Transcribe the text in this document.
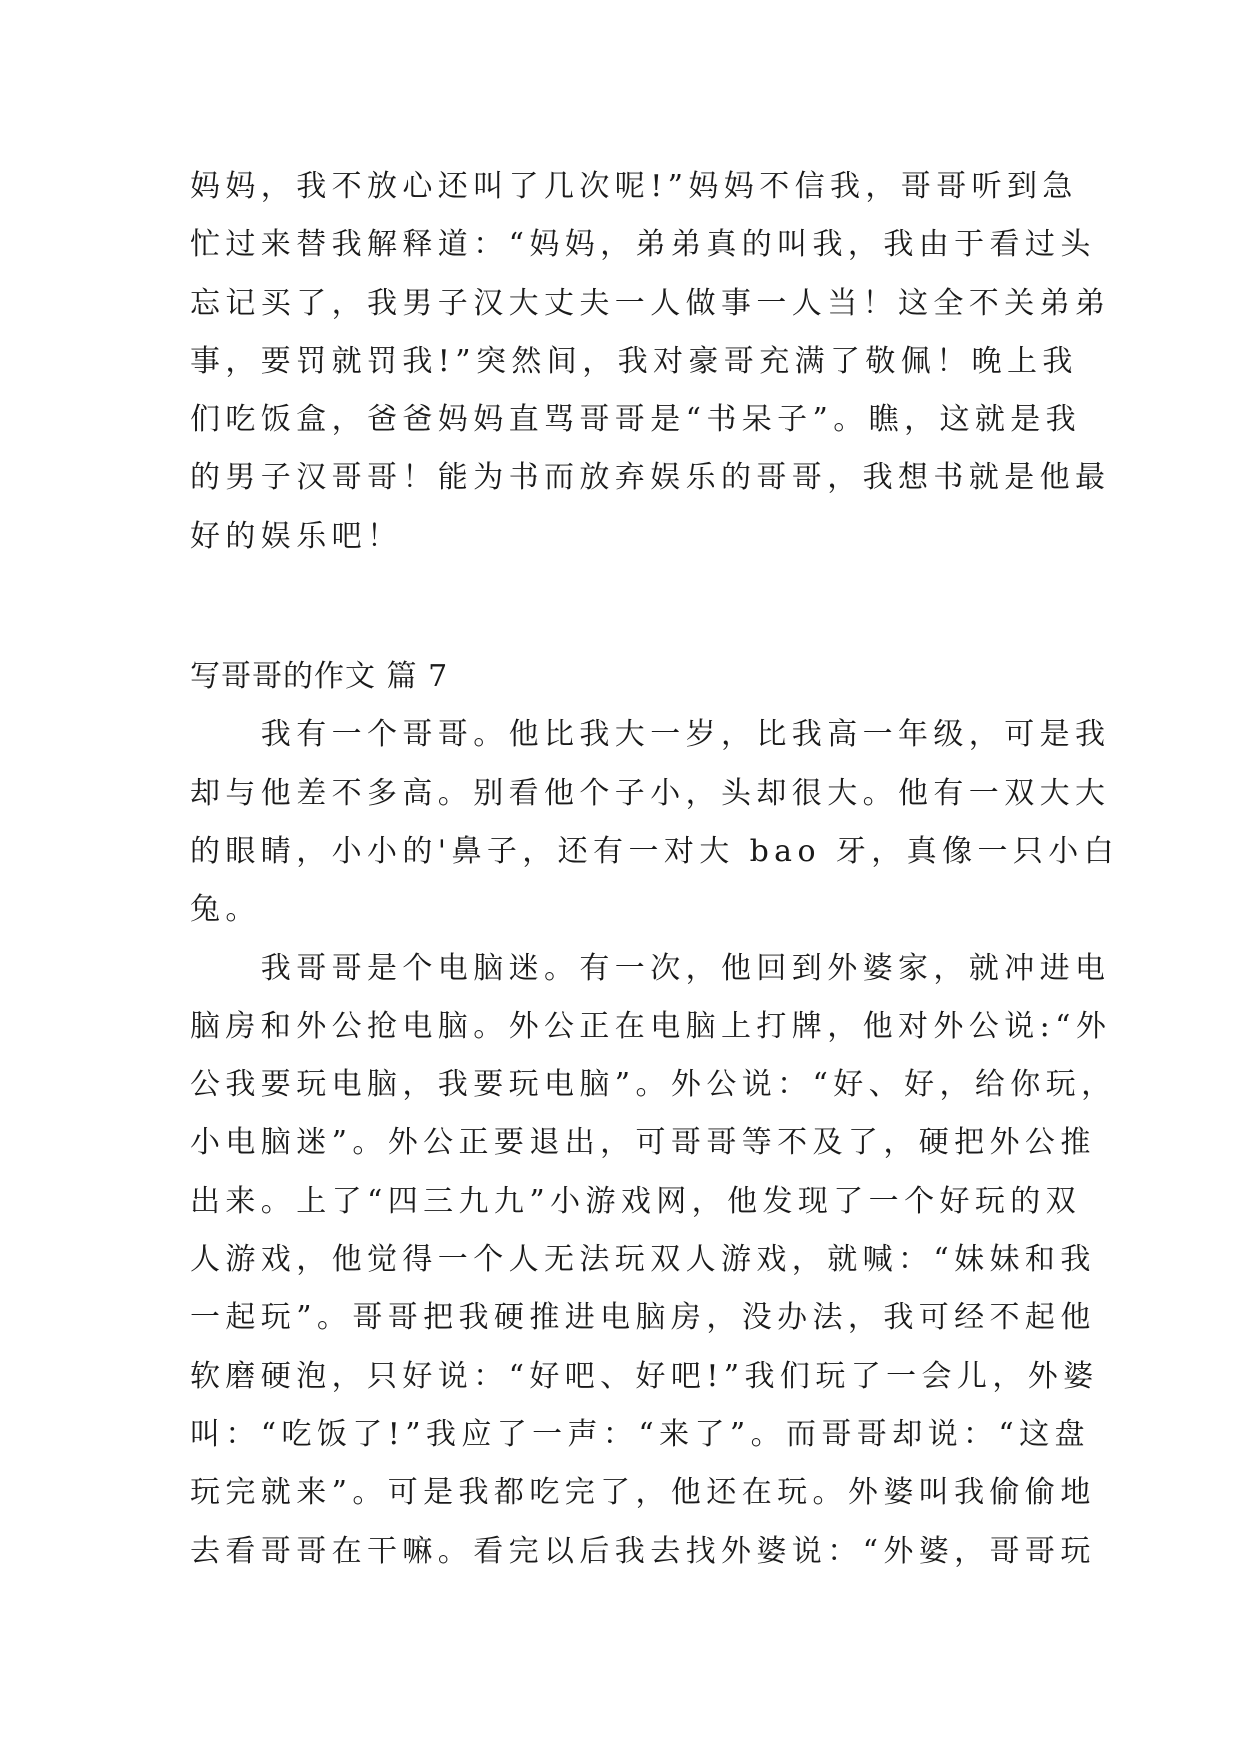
妈妈，我不放心还叫了几次呢!”妈妈不信我，哥哥听到急
忙过来替我解释道：“妈妈，弟弟真的叫我，我由于看过头
忘记买了，我男子汉大丈夫一人做事一人当！这全不关弟弟
事，要罚就罚我!”突然间，我对豪哥充满了敬佩！晚上我
们吃饭盒，爸爸妈妈直骂哥哥是“书呆子”。瞧，这就是我
的男子汉哥哥！能为书而放弃娱乐的哥哥，我想书就是他最
好的娱乐吧！
写哥哥的作文 篇 7
　　我有一个哥哥。他比我大一岁，比我高一年级，可是我
却与他差不多高。别看他个子小，头却很大。他有一双大大
的眼睛，小小的'鼻子，还有一对大 bao 牙，真像一只小白
兔。
　　我哥哥是个电脑迷。有一次，他回到外婆家，就冲进电
脑房和外公抢电脑。外公正在电脑上打牌，他对外公说:“外
公我要玩电脑，我要玩电脑”。外公说：“好、好，给你玩，
小电脑迷”。外公正要退出，可哥哥等不及了，硬把外公推
出来。上了“四三九九”小游戏网，他发现了一个好玩的双
人游戏，他觉得一个人无法玩双人游戏，就喊：“妹妹和我
一起玩”。哥哥把我硬推进电脑房，没办法，我可经不起他
软磨硬泡，只好说：“好吧、好吧!”我们玩了一会儿，外婆
叫：“吃饭了!”我应了一声：“来了”。而哥哥却说：“这盘
玩完就来”。可是我都吃完了，他还在玩。外婆叫我偷偷地
去看哥哥在干嘛。看完以后我去找外婆说：“外婆，哥哥玩
